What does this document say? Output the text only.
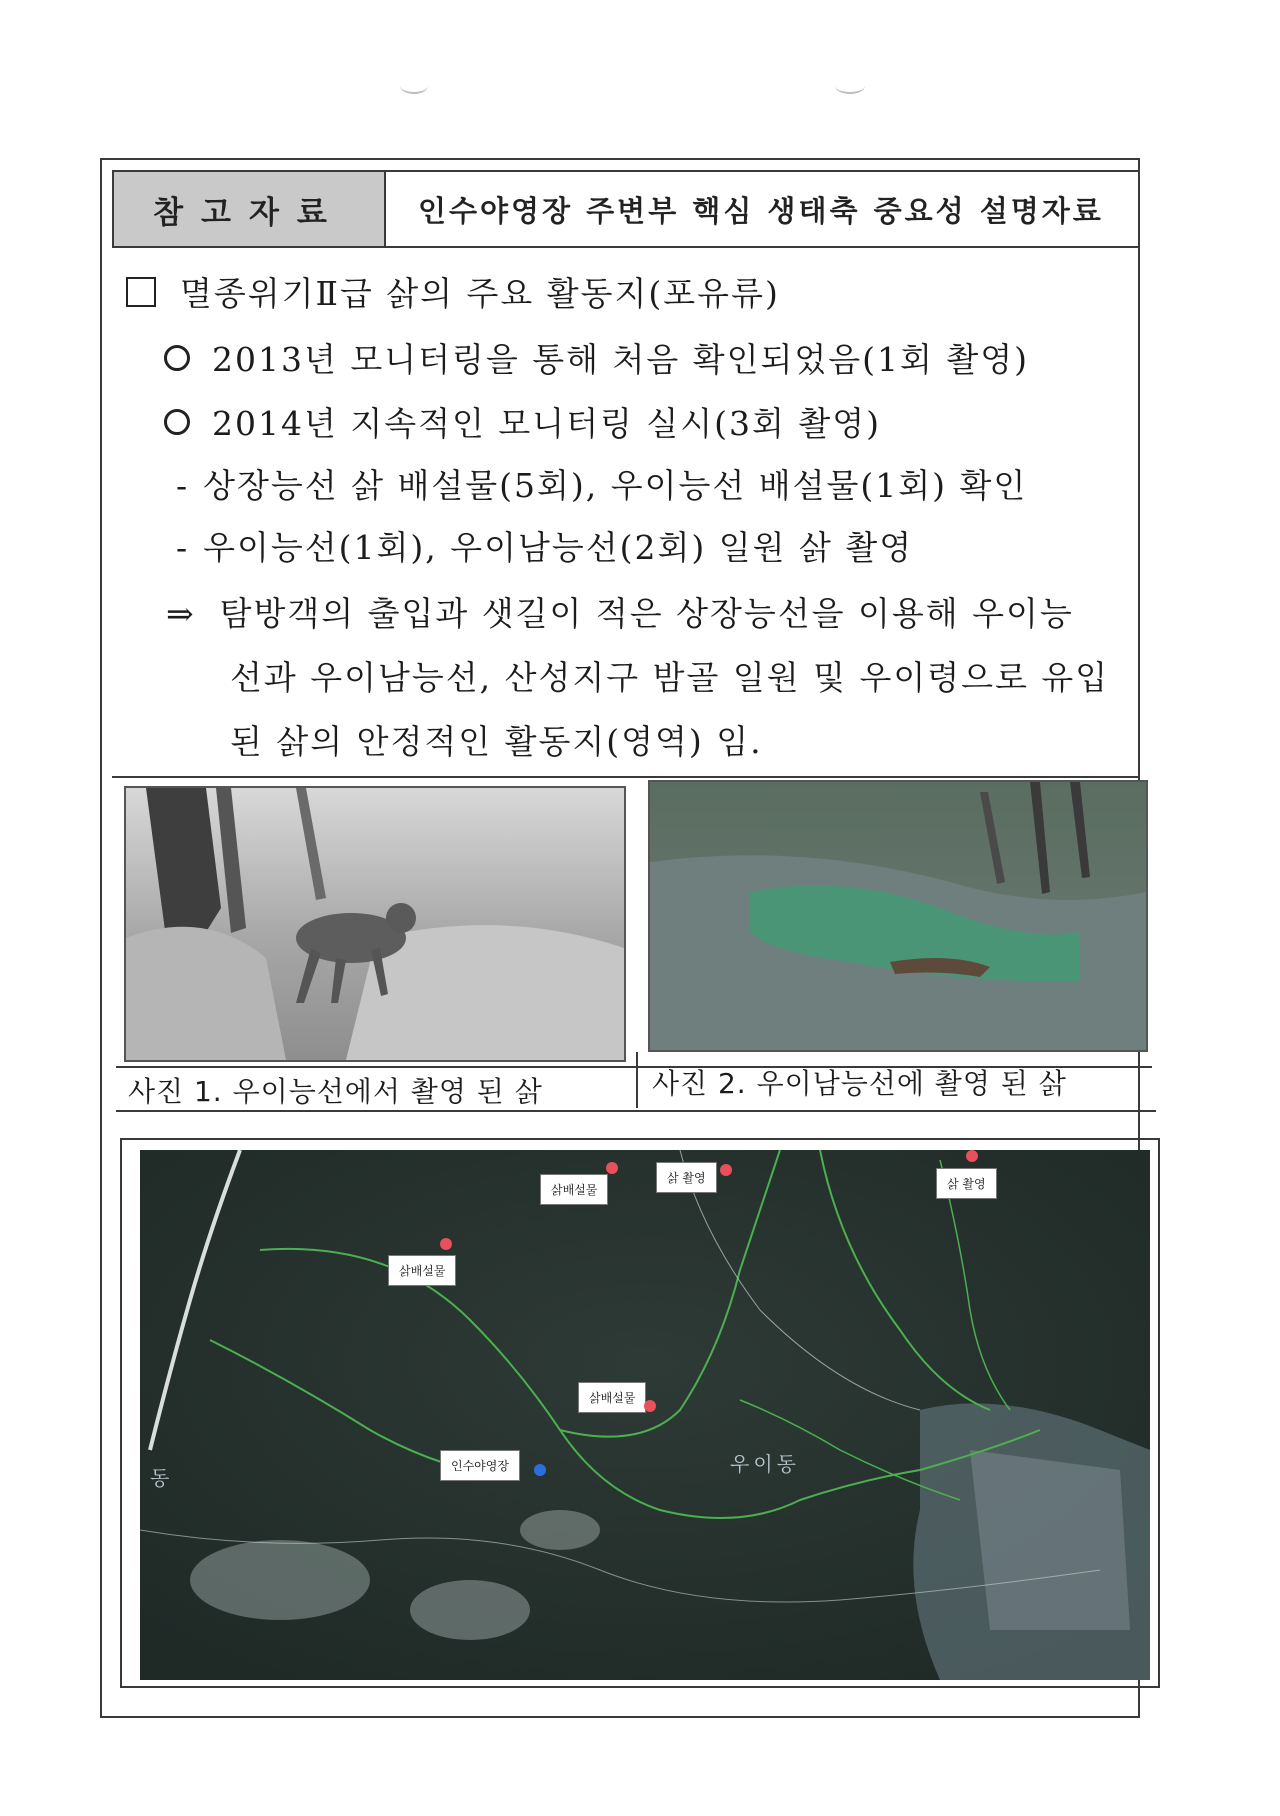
참고자료	인수야영장 주변부 핵심 생태축 중요성 설명자료
멸종위기Ⅱ급 삵의 주요 활동지(포유류)
2013년 모니터링을 통해 처음 확인되었음(1회 촬영)
2014년 지속적인 모니터링 실시(3회 촬영)
- 상장능선 삵 배설물(5회), 우이능선 배설물(1회) 확인
- 우이능선(1회), 우이남능선(2회) 일원 삵 촬영
⇒ 탐방객의 출입과 샛길이 적은 상장능선을 이용해 우이능
선과 우이남능선, 산성지구 밤골 일원 및 우이령으로 유입
된 삵의 안정적인 활동지(영역) 임.
사진 1. 우이능선에서 촬영 된 삵	사진 2. 우이남능선에 촬영 된 삵
삵배설물
삵 촬영	삵 촬영
삵배설물
삵배설물
인수야영장	우이동
동
